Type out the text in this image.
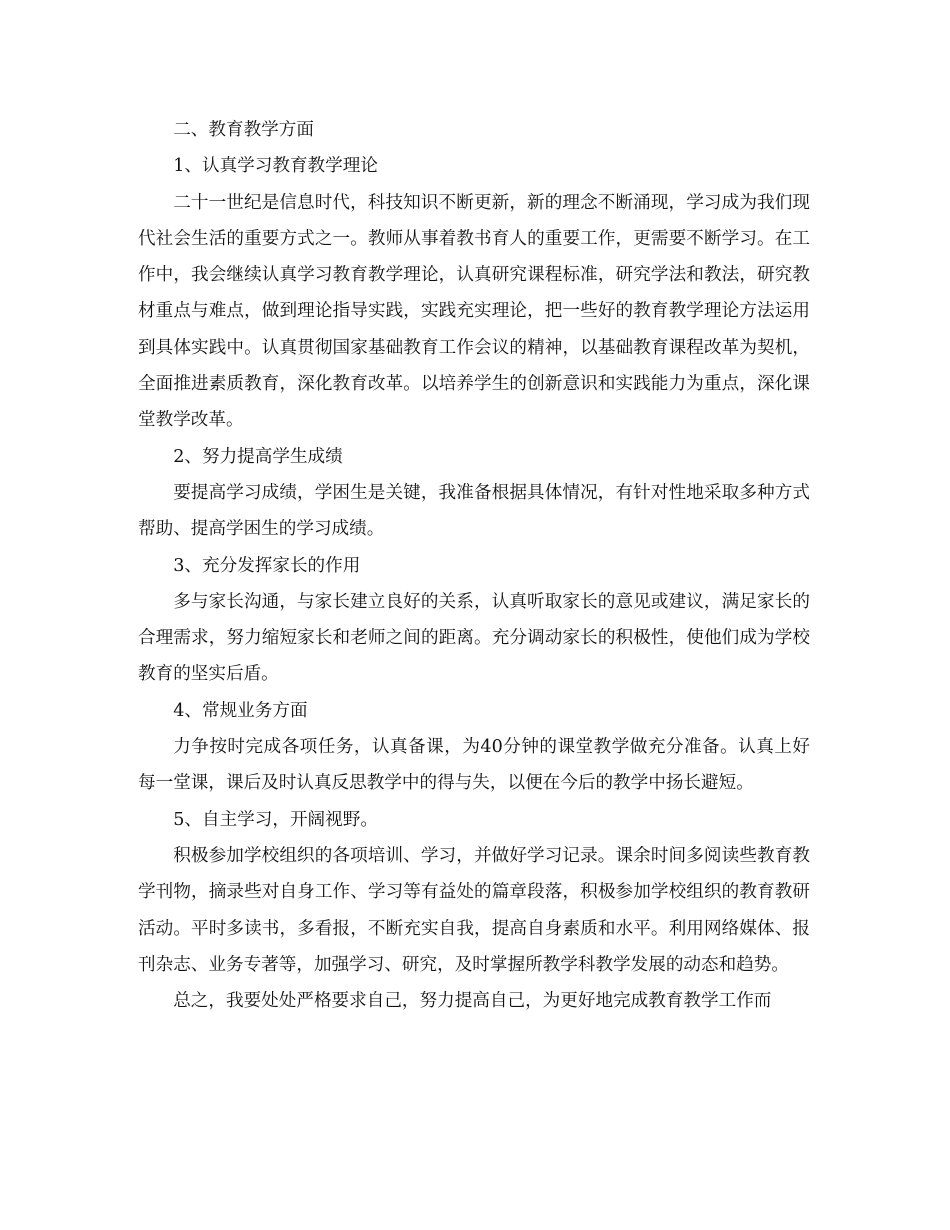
二、教育教学方面

1、认真学习教育教学理论

二十一世纪是信息时代，科技知识不断更新，新的理念不断涌现，学习成为我们现代社会生活的重要方式之一。教师从事着教书育人的重要工作，更需要不断学习。在工作中，我会继续认真学习教育教学理论，认真研究课程标准，研究学法和教法，研究教材重点与难点，做到理论指导实践，实践充实理论，把一些好的教育教学理论方法运用到具体实践中。认真贯彻国家基础教育工作会议的精神，以基础教育课程改革为契机，全面推进素质教育，深化教育改革。以培养学生的创新意识和实践能力为重点，深化课堂教学改革。

2、努力提高学生成绩

要提高学习成绩，学困生是关键，我准备根据具体情况，有针对性地采取多种方式帮助、提高学困生的学习成绩。

3、充分发挥家长的作用

多与家长沟通，与家长建立良好的关系，认真听取家长的意见或建议，满足家长的合理需求，努力缩短家长和老师之间的距离。充分调动家长的积极性，使他们成为学校教育的坚实后盾。

4、常规业务方面

力争按时完成各项任务，认真备课，为40分钟的课堂教学做充分准备。认真上好每一堂课，课后及时认真反思教学中的得与失，以便在今后的教学中扬长避短。

5、自主学习，开阔视野。

积极参加学校组织的各项培训、学习，并做好学习记录。课余时间多阅读些教育教学刊物，摘录些对自身工作、学习等有益处的篇章段落，积极参加学校组织的教育教研活动。平时多读书，多看报，不断充实自我，提高自身素质和水平。利用网络媒体、报刊杂志、业务专著等，加强学习、研究，及时掌握所教学科教学发展的动态和趋势。

总之，我要处处严格要求自己，努力提高自己，为更好地完成教育教学工作而
